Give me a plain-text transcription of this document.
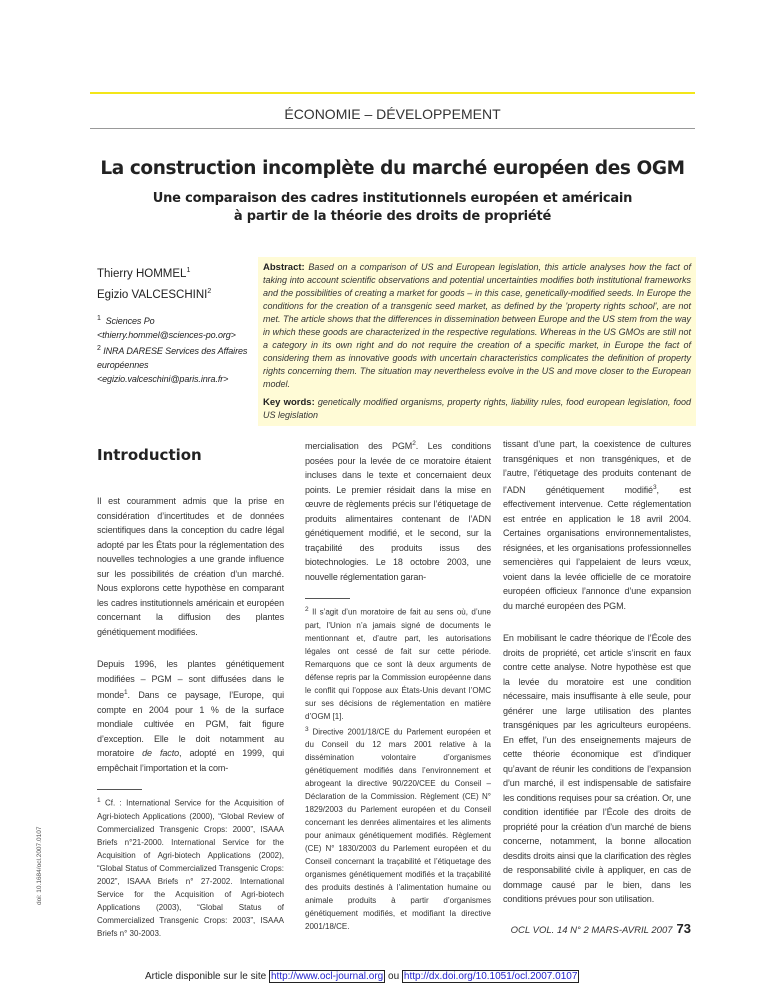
ÉCONOMIE – DÉVELOPPEMENT
La construction incomplète du marché européen des OGM
Une comparaison des cadres institutionnels européen et américain
à partir de la théorie des droits de propriété
Thierry HOMMEL$^1$
Egizio VALCESCHINI$^2$
$^1$ Sciences Po
<thierry.hommel@sciences-po.org>
$^2$ INRA DARESE Services des Affaires européennes
<egizio.valceschini@paris.inra.fr>
Abstract: Based on a comparison of US and European legislation, this article analyses how the fact of taking into account scientific observations and potential uncertainties modifies both institutional frameworks and the possibilities of creating a market for goods – in this case, genetically-modified seeds. In Europe the conditions for the creation of a transgenic seed market, as defined by the 'property rights school', are not met. The article shows that the differences in dissemination between Europe and the US stem from the way in which these goods are characterized in the respective regulations. Whereas in the US GMOs are still not a category in its own right and do not require the creation of a specific market, in Europe the fact of considering them as innovative goods with uncertain characteristics complicates the definition of property rights concerning them. The situation may nevertheless evolve in the US and move closer to the European model.
Key words: genetically modified organisms, property rights, liability rules, food european legislation, food US legislation
Introduction
Il est couramment admis que la prise en considération d’incertitudes et de données scientifiques dans la conception du cadre légal adopté par les États pour la réglementation des nouvelles technologies a une grande influence sur les possibilités de création d’un marché. Nous explorons cette hypothèse en comparant les cadres institutionnels américain et européen concernant la diffusion des plantes génétiquement modifiées.
Depuis 1996, les plantes génétiquement modifiées – PGM – sont diffusées dans le monde$^1$. Dans ce paysage, l’Europe, qui compte en 2004 pour 1 % de la surface mondiale cultivée en PGM, fait figure d’exception. Elle le doit notamment au moratoire de facto, adopté en 1999, qui empêchait l’importation et la com-
$^1$ Cf. : International Service for the Acquisition of Agri-biotech Applications (2000), “Global Review of Commercialized Transgenic Crops: 2000”, ISAAA Briefs n°21-2000. International Service for the Acquisition of Agri-biotech Applications (2002), “Global Status of Commercialized Transgenic Crops: 2002”, ISAAA Briefs n° 27-2002. International Service for the Acquisition of Agri-biotech Applications (2003), “Global Status of Commercialized Transgenic Crops: 2003”, ISAAA Briefs n° 30-2003.
mercialisation des PGM$^2$. Les conditions posées pour la levée de ce moratoire étaient incluses dans le texte et concernaient deux points. Le premier résidait dans la mise en œuvre de règlements précis sur l’étiquetage de produits alimentaires contenant de l’ADN génétiquement modifié, et le second, sur la traçabilité des produits issus des biotechnologies. Le 18 octobre 2003, une nouvelle réglementation garan-
$^2$ Il s’agit d’un moratoire de fait au sens où, d’une part, l’Union n’a jamais signé de documents le mentionnant et, d’autre part, les autorisations légales ont cessé de fait sur cette période. Remarquons que ce sont là deux arguments de défense repris par la Commission européenne dans le conflit qui l’oppose aux États-Unis devant l’OMC sur ses décisions de réglementation en matière d’OGM [1].
$^3$ Directive 2001/18/CE du Parlement européen et du Conseil du 12 mars 2001 relative à la dissémination volontaire d’organismes génétiquement modifiés dans l’environnement et abrogeant la directive 90/220/CEE du Conseil – Déclaration de la Commission. Règlement (CE) N° 1829/2003 du Parlement européen et du Conseil concernant les denrées alimentaires et les aliments pour animaux génétiquement modifiés. Règlement (CE) N° 1830/2003 du Parlement européen et du Conseil concernant la traçabilité et l’étiquetage des organismes génétiquement modifiés et la traçabilité des produits destinés à l’alimentation humaine ou animale produits à partir d’organismes génétiquement modifiés, et modifiant la directive 2001/18/CE.
tissant d’une part, la coexistence de cultures transgéniques et non transgéniques, et de l’autre, l’étiquetage des produits contenant de l’ADN génétiquement modifié$^3$, est effectivement intervenue. Cette réglementation est entrée en application le 18 avril 2004. Certaines organisations environnementalistes, résignées, et les organisations professionnelles semencières qui l’appelaient de leurs vœux, voient dans la levée officielle de ce moratoire européen officieux l’annonce d’une expansion du marché européen des PGM.
En mobilisant le cadre théorique de l’École des droits de propriété, cet article s’inscrit en faux contre cette analyse. Notre hypothèse est que la levée du moratoire est une condition nécessaire, mais insuffisante à elle seule, pour générer une large utilisation des plantes transgéniques par les agriculteurs européens. En effet, l’un des enseignements majeurs de cette théorie économique est d’indiquer qu’avant de réunir les conditions de l’expansion d’un marché, il est indispensable de satisfaire les conditions requises pour sa création. Or, une condition identifiée par l’École des droits de propriété pour la création d’un marché de biens concerne, notamment, la bonne allocation desdits droits ainsi que la clarification des règles de responsabilité civile à appliquer, en cas de dommage causé par le bien, dans les conditions prévues pour son utilisation.
OCL VOL. 14 N° 2 MARS-AVRIL 2007 73
doi: 10.1684/ocl.2007.0107
Article disponible sur le site http://www.ocl-journal.org ou http://dx.doi.org/10.1051/ocl.2007.0107
